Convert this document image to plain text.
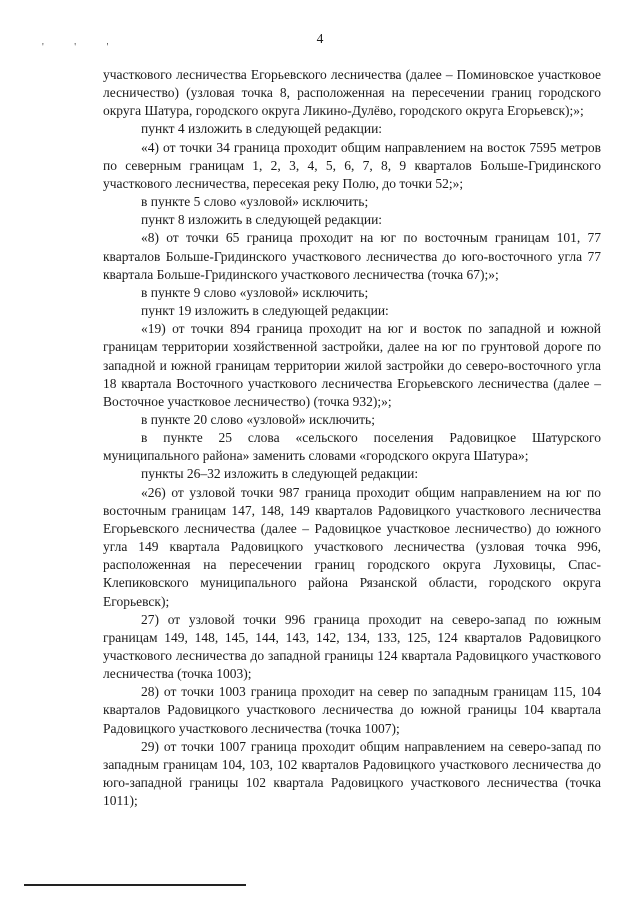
' ' '
4

участкового лесничества Егорьевского лесничества (далее – Поминовское участковое лесничество) (узловая точка 8, расположенная на пересечении границ городского округа Шатура, городского округа Ликино-Дулёво, городского округа Егорьевск);»;

пункт 4 изложить в следующей редакции:

«4) от точки 34 граница проходит общим направлением на восток 7595 метров по северным границам 1, 2, 3, 4, 5, 6, 7, 8, 9 кварталов Больше-Гридинского участкового лесничества, пересекая реку Полю, до точки 52;»;

в пункте 5 слово «узловой» исключить;

пункт 8 изложить в следующей редакции:

«8) от точки 65 граница проходит на юг по восточным границам 101, 77 кварталов Больше-Гридинского участкового лесничества до юго-восточного угла 77 квартала Больше-Гридинского участкового лесничества (точка 67);»;

в пункте 9 слово «узловой» исключить;

пункт 19 изложить в следующей редакции:

«19) от точки 894 граница проходит на юг и восток по западной и южной границам территории хозяйственной застройки, далее на юг по грунтовой дороге по западной и южной границам территории жилой застройки до северо-восточного угла 18 квартала Восточного участкового лесничества Егорьевского лесничества (далее – Восточное участковое лесничество) (точка 932);»;

в пункте 20 слово «узловой» исключить;

в пункте 25 слова «сельского поселения Радовицкое Шатурского муниципального района» заменить словами «городского округа Шатура»;

пункты 26–32 изложить в следующей редакции:

«26) от узловой точки 987 граница проходит общим направлением на юг по восточным границам 147, 148, 149 кварталов Радовицкого участкового лесничества Егорьевского лесничества (далее – Радовицкое участковое лесничество) до южного угла 149 квартала Радовицкого участкового лесничества (узловая точка 996, расположенная на пересечении границ городского округа Луховицы, Спас-Клепиковского муниципального района Рязанской области, городского округа Егорьевск);

27) от узловой точки 996 граница проходит на северо-запад по южным границам 149, 148, 145, 144, 143, 142, 134, 133, 125, 124 кварталов Радовицкого участкового лесничества до западной границы 124 квартала Радовицкого участкового лесничества (точка 1003);

28) от точки 1003 граница проходит на север по западным границам 115, 104 кварталов Радовицкого участкового лесничества до южной границы 104 квартала Радовицкого участкового лесничества (точка 1007);

29) от точки 1007 граница проходит общим направлением на северо-запад по западным границам 104, 103, 102 кварталов Радовицкого участкового лесничества до юго-западной границы 102 квартала Радовицкого участкового лесничества (точка 1011);
